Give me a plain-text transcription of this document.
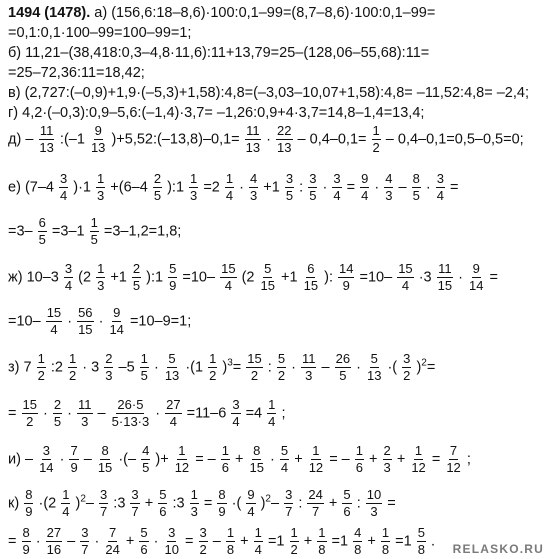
1494 (1478). а) (156,6:18–8,6)·100:0,1–99=(8,7–8,6)·100:0,1–99=
=0,1:0,1·100–99=100–99=1;
б) 11,21–(38,418:0,3–4,8·11,6):11+13,79=25–(128,06–55,68):11=
=25–72,36:11=18,42;
в) (2,727:(–0,9)+1,9·(–5,3)+1,58):4,8=(–3,03–10,07+1,58):4,8= –11,52:4,8= –2,4;
г) 4,2·(–0,3):0,9–5,6:(–1,4)·3,7= –1,26:0,9+4·3,7=14,8–1,4=13,4;
$д) - \frac{11}{13}$ :(–1 $\frac{9}{13}$ )+5,52:(–13,8)–0,1= $\frac{11}{13} \cdot \frac{22}{13} - 0,4-0,1= \frac{1}{2} - 0,4-0,1=0,5-0,5=0$;
е) $(7-4 \frac{3}{4} )\cdot 1 \frac{1}{3} +(6-4 \frac{2}{5}$ ):1 $\frac{1}{3} =2 \frac{1}{4} \cdot \frac{4}{3} +1 \frac{3}{5}$ : $\frac{3}{5} \cdot \frac{3}{4} = \frac{9}{4} \cdot \frac{4}{3} - \frac{8}{5} \cdot \frac{3}{4}$ =
$=3- \frac{6}{5} =3-1 \frac{1}{5} =3-1,2=1,8$;
ж) $10-3 \frac{3}{4} (2 \frac{1}{3} +1 \frac{2}{5}$ ):1 $\frac{5}{9} =10- \frac{15}{4} (2 \frac{5}{15} +1 \frac{6}{15}$ ): $\frac{14}{9} =10- \frac{15}{4} \cdot 3 \frac{11}{15} \cdot \frac{9}{14}$ =
$=10- \frac{15}{4} \cdot \frac{56}{15} \cdot \frac{9}{14} =10-9=1$;
з) $7 \frac{1}{2}$ :2 $\frac{1}{2} \cdot 3 \frac{2}{3} -5 \frac{1}{5} \cdot \frac{5}{13} \cdot(1 \frac{1}{2} )^3= \frac{15}{2}$ : $\frac{5}{2} \cdot \frac{11}{3} - \frac{26}{5} \cdot \frac{5}{13}$ ·( $\frac{3}{2} )^2=$
= $\frac{15}{2} \cdot \frac{2}{5} \cdot \frac{11}{3} - \frac{26\cdot 5}{5\cdot 13\cdot 3} \cdot \frac{27}{4} =11-6 \frac{3}{4} =4 \frac{1}{4}$ ;
$и) - \frac{3}{14} \cdot \frac{7}{9} - \frac{8}{15}$ ·(– $\frac{4}{5}$ )+ $\frac{1}{12}$ = – $\frac{1}{6} + \frac{8}{15} \cdot \frac{5}{4} + \frac{1}{12}$ = – $\frac{1}{6} + \frac{2}{3} + \frac{1}{12} = \frac{7}{12}$ ;
$к) \frac{8}{9} \cdot(2 \frac{1}{4} )^2- \frac{3}{7}$ :3 $\frac{3}{7} + \frac{5}{6}$ :3 $\frac{1}{3} = \frac{8}{9}$ ·( $\frac{9}{4} )^2- \frac{3}{7}$ : $\frac{24}{7} + \frac{5}{6}$ : $\frac{10}{3}$ =
= $\frac{8}{9} \cdot \frac{27}{16} - \frac{3}{7} \cdot \frac{7}{24} + \frac{5}{6} \cdot \frac{3}{10} = \frac{3}{2} - \frac{1}{8} + \frac{1}{4} =1 \frac{1}{2} + \frac{1}{8} =1 \frac{4}{8} + \frac{1}{8} =1 \frac{5}{8}$ . RELASKO.RU
